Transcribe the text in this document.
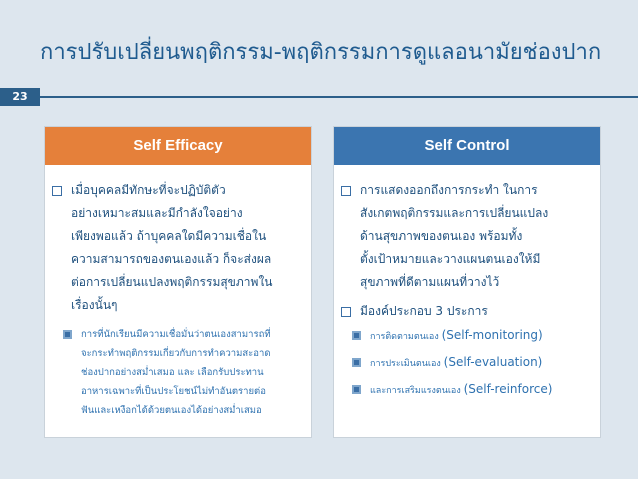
การปรับเปลี่ยนพฤติกรรม-พฤติกรรมการดูแลอนามัยช่องปาก
23
Self Efficacy
เมื่อบุคคลมีทักษะที่จะปฏิบัติตัว
อย่างเหมาะสมและมีกำลังใจอย่าง
เพียงพอแล้ว ถ้าบุคคลใดมีความเชื่อใน
ความสามารถของตนเองแล้ว ก็จะส่งผล
ต่อการเปลี่ยนแปลงพฤติกรรมสุขภาพใน
เรื่องนั้นๆ
การที่นักเรียนมีความเชื่อมั่นว่าตนเองสามารถที่
จะกระทำพฤติกรรมเกี่ยวกับการทำความสะอาด
ช่องปากอย่างสม่ำเสมอ และ เลือกรับประทาน
อาหารเฉพาะที่เป็นประโยชน์ไม่ทำอันตรายต่อ
ฟันและเหงือกได้ด้วยตนเองได้อย่างสม่ำเสมอ
Self Control
การแสดงออกถึงการกระทำ ในการ
สังเกตพฤติกรรมและการเปลี่ยนแปลง
ด้านสุขภาพของตนเอง พร้อมทั้ง
ตั้งเป้าหมายและวางแผนตนเองให้มี
สุขภาพที่ดีตามแผนที่วางไว้
มีองค์ประกอบ 3 ประการ
การติดตามตนเอง (Self-monitoring)
การประเมินตนเอง (Self-evaluation)
และการเสริมแรงตนเอง (Self-reinforce)
